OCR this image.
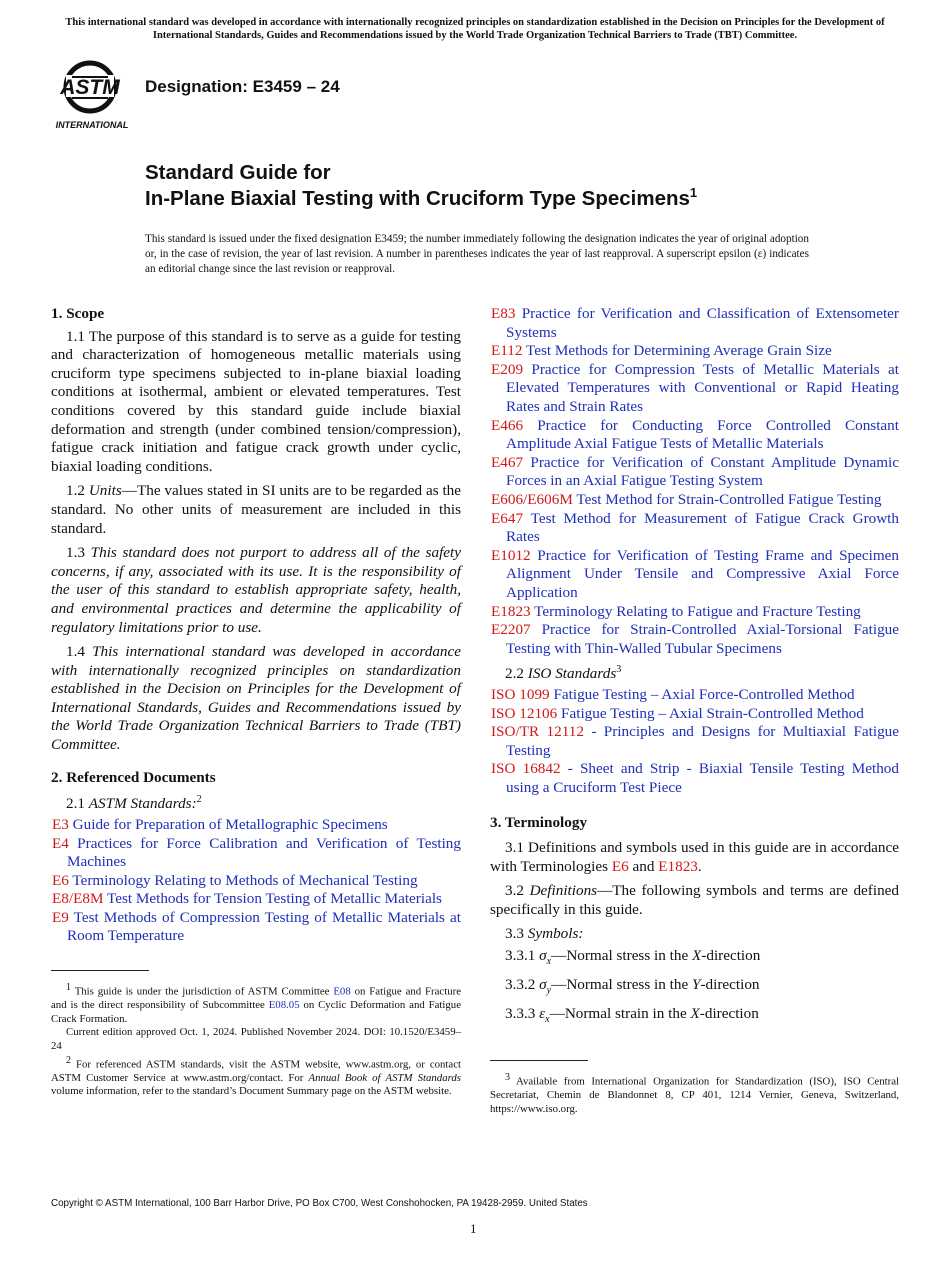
This international standard was developed in accordance with internationally recognized principles on standardization established in the Decision on Principles for the Development of International Standards, Guides and Recommendations issued by the World Trade Organization Technical Barriers to Trade (TBT) Committee.
ASTM
INTERNATIONAL
Designation: E3459 – 24
Standard Guide for
In-Plane Biaxial Testing with Cruciform Type Specimens$^1$
This standard is issued under the fixed designation E3459; the number immediately following the designation indicates the year of original adoption or, in the case of revision, the year of last revision. A number in parentheses indicates the year of last reapproval. A superscript epsilon (ε) indicates an editorial change since the last revision or reapproval.
1. Scope

1.1 The purpose of this standard is to serve as a guide for testing and characterization of homogeneous metallic materials using cruciform type specimens subjected to in-plane biaxial loading conditions at isothermal, ambient or elevated temperatures. Test conditions covered by this standard guide include biaxial deformation and strength (under combined tension/compression), fatigue crack initiation and fatigue crack growth under cyclic, biaxial loading conditions.

1.2 Units—The values stated in SI units are to be regarded as the standard. No other units of measurement are included in this standard.

1.3 This standard does not purport to address all of the safety concerns, if any, associated with its use. It is the responsibility of the user of this standard to establish appropriate safety, health, and environmental practices and determine the applicability of regulatory limitations prior to use.

1.4 This international standard was developed in accordance with internationally recognized principles on standardization established in the Decision on Principles for the Development of International Standards, Guides and Recommendations issued by the World Trade Organization Technical Barriers to Trade (TBT) Committee.

2. Referenced Documents
2.1 ASTM Standards:$^2$

E3 Guide for Preparation of Metallographic Specimens

E4 Practices for Force Calibration and Verification of Testing Machines

E6 Terminology Relating to Methods of Mechanical Testing

E8/E8M Test Methods for Tension Testing of Metallic Materials

E9 Test Methods of Compression Testing of Metallic Materials at Room Temperature

$^1$ This guide is under the jurisdiction of ASTM Committee E08 on Fatigue and Fracture and is the direct responsibility of Subcommittee E08.05 on Cyclic Deformation and Fatigue Crack Formation.

Current edition approved Oct. 1, 2024. Published November 2024. DOI: 10.1520/E3459–24

$^2$ For referenced ASTM standards, visit the ASTM website, www.astm.org, or contact ASTM Customer Service at www.astm.org/contact. For Annual Book of ASTM Standards volume information, refer to the standard’s Document Summary page on the ASTM website.

E83 Practice for Verification and Classification of Extensometer Systems

E112 Test Methods for Determining Average Grain Size

E209 Practice for Compression Tests of Metallic Materials at Elevated Temperatures with Conventional or Rapid Heating Rates and Strain Rates

E466 Practice for Conducting Force Controlled Constant Amplitude Axial Fatigue Tests of Metallic Materials

E467 Practice for Verification of Constant Amplitude Dynamic Forces in an Axial Fatigue Testing System

E606/E606M Test Method for Strain-Controlled Fatigue Testing

E647 Test Method for Measurement of Fatigue Crack Growth Rates

E1012 Practice for Verification of Testing Frame and Specimen Alignment Under Tensile and Compressive Axial Force Application

E1823 Terminology Relating to Fatigue and Fracture Testing

E2207 Practice for Strain-Controlled Axial-Torsional Fatigue Testing with Thin-Walled Tubular Specimens

2.2 ISO Standards$^3$

ISO 1099 Fatigue Testing – Axial Force-Controlled Method

ISO 12106 Fatigue Testing – Axial Strain-Controlled Method

ISO/TR 12112 - Principles and Designs for Multiaxial Fatigue Testing

ISO 16842 - Sheet and Strip - Biaxial Tensile Testing Method using a Cruciform Test Piece

3. Terminology

3.1 Definitions and symbols used in this guide are in accordance with Terminologies E6 and E1823.

3.2 Definitions—The following symbols and terms are defined specifically in this guide.

3.3 Symbols:
3.3.1 $\sigma_x—Normal$ stress in the X-direction
3.3.2 $\sigma_y—Normal$ stress in the Y-direction
3.3.3 $\varepsilon_x—Normal$ strain in the X-direction

$^3$ Available from International Organization for Standardization (ISO), ISO Central Secretariat, Chemin de Blandonnet 8, CP 401, 1214 Vernier, Geneva, Switzerland, https://www.iso.org.

Copyright © ASTM International, 100 Barr Harbor Drive, PO Box C700, West Conshohocken, PA 19428-2959. United States
1
